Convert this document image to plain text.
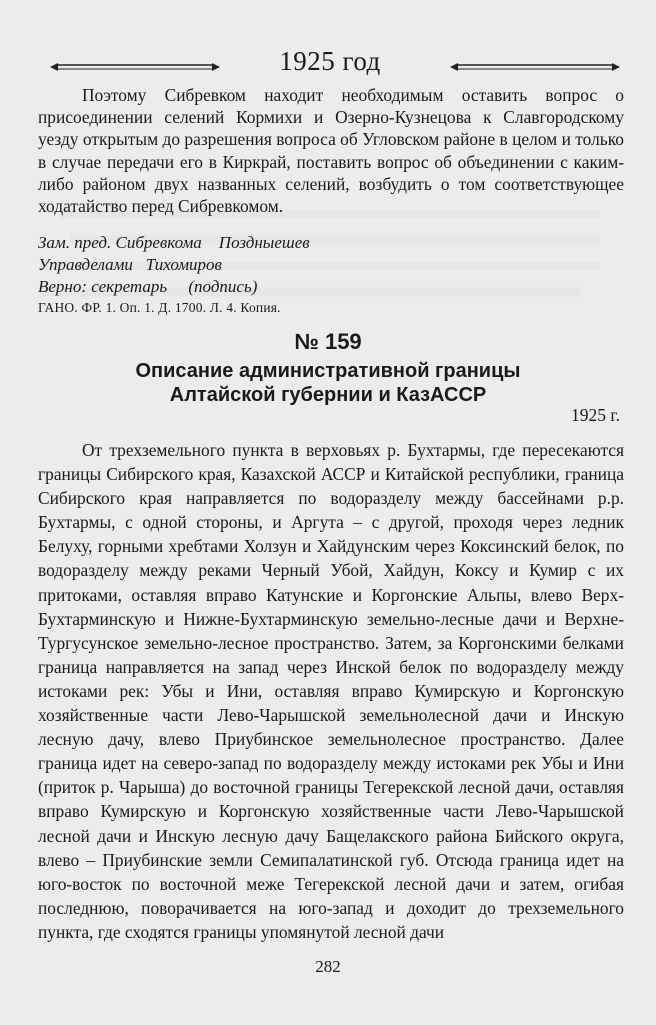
1925 год

Поэтому Сибревком находит необходимым оставить вопрос о присоединении селений Кормихи и Озерно-Кузнецова к Славгородскому уезду открытым до разрешения вопроса об Угловском районе в целом и только в случае передачи его в Киркрай, поставить вопрос об объединении с каким-либо районом двух названных селений, возбудить о том соответствующее ходатайство перед Сибревкомом.

Зам. пред. Сибревкома    Поздныешев
Управделами   Тихомиров
Верно: секретарь     (подпись)
ГАНО. ФР. 1. Оп. 1. Д. 1700. Л. 4. Копия.
№ 159
Описание административной границы
Алтайской губернии и КазАССР
1925 г.

От трехземельного пункта в верховьях р. Бухтармы, где пересекаются границы Сибирского края, Казахской АССР и Китайской республики, граница Сибирского края направляется по водоразделу между бассейнами р.р. Бухтармы, с одной стороны, и Аргута – с другой, проходя через ледник Белуху, горными хребтами Холзун и Хайдунским через Коксинский белок, по водоразделу между реками Черный Убой, Хайдун, Коксу и Кумир с их притоками, оставляя вправо Катунские и Коргонские Альпы, влево Верх-Бухтарминскую и Нижне-Бухтарминскую земельно-лесные дачи и Верхне-Тургусунское земельно-лесное пространство. Затем, за Коргонскими белками граница направляется на запад через Инской белок по водоразделу между истоками рек: Убы и Ини, оставляя вправо Кумирскую и Коргонскую хозяйственные части Лево-Чарышской земельнолесной дачи и Инскую лесную дачу, влево Приубинское земельнолесное пространство. Далее граница идет на северо-запад по водоразделу между истоками рек Убы и Ини (приток р. Чарыша) до восточной границы Тегерекской лесной дачи, оставляя вправо Кумирскую и Коргонскую хозяйственные части Лево-Чарышской лесной дачи и Инскую лесную дачу Бащелакского района Бийского округа, влево – Приубинские земли Семипалатинской губ. Отсюда граница идет на юго-восток по восточной меже Тегерекской лесной дачи и затем, огибая последнюю, поворачивается на юго-запад и доходит до трехземельного пункта, где сходятся границы упомянутой лесной дачи

282
